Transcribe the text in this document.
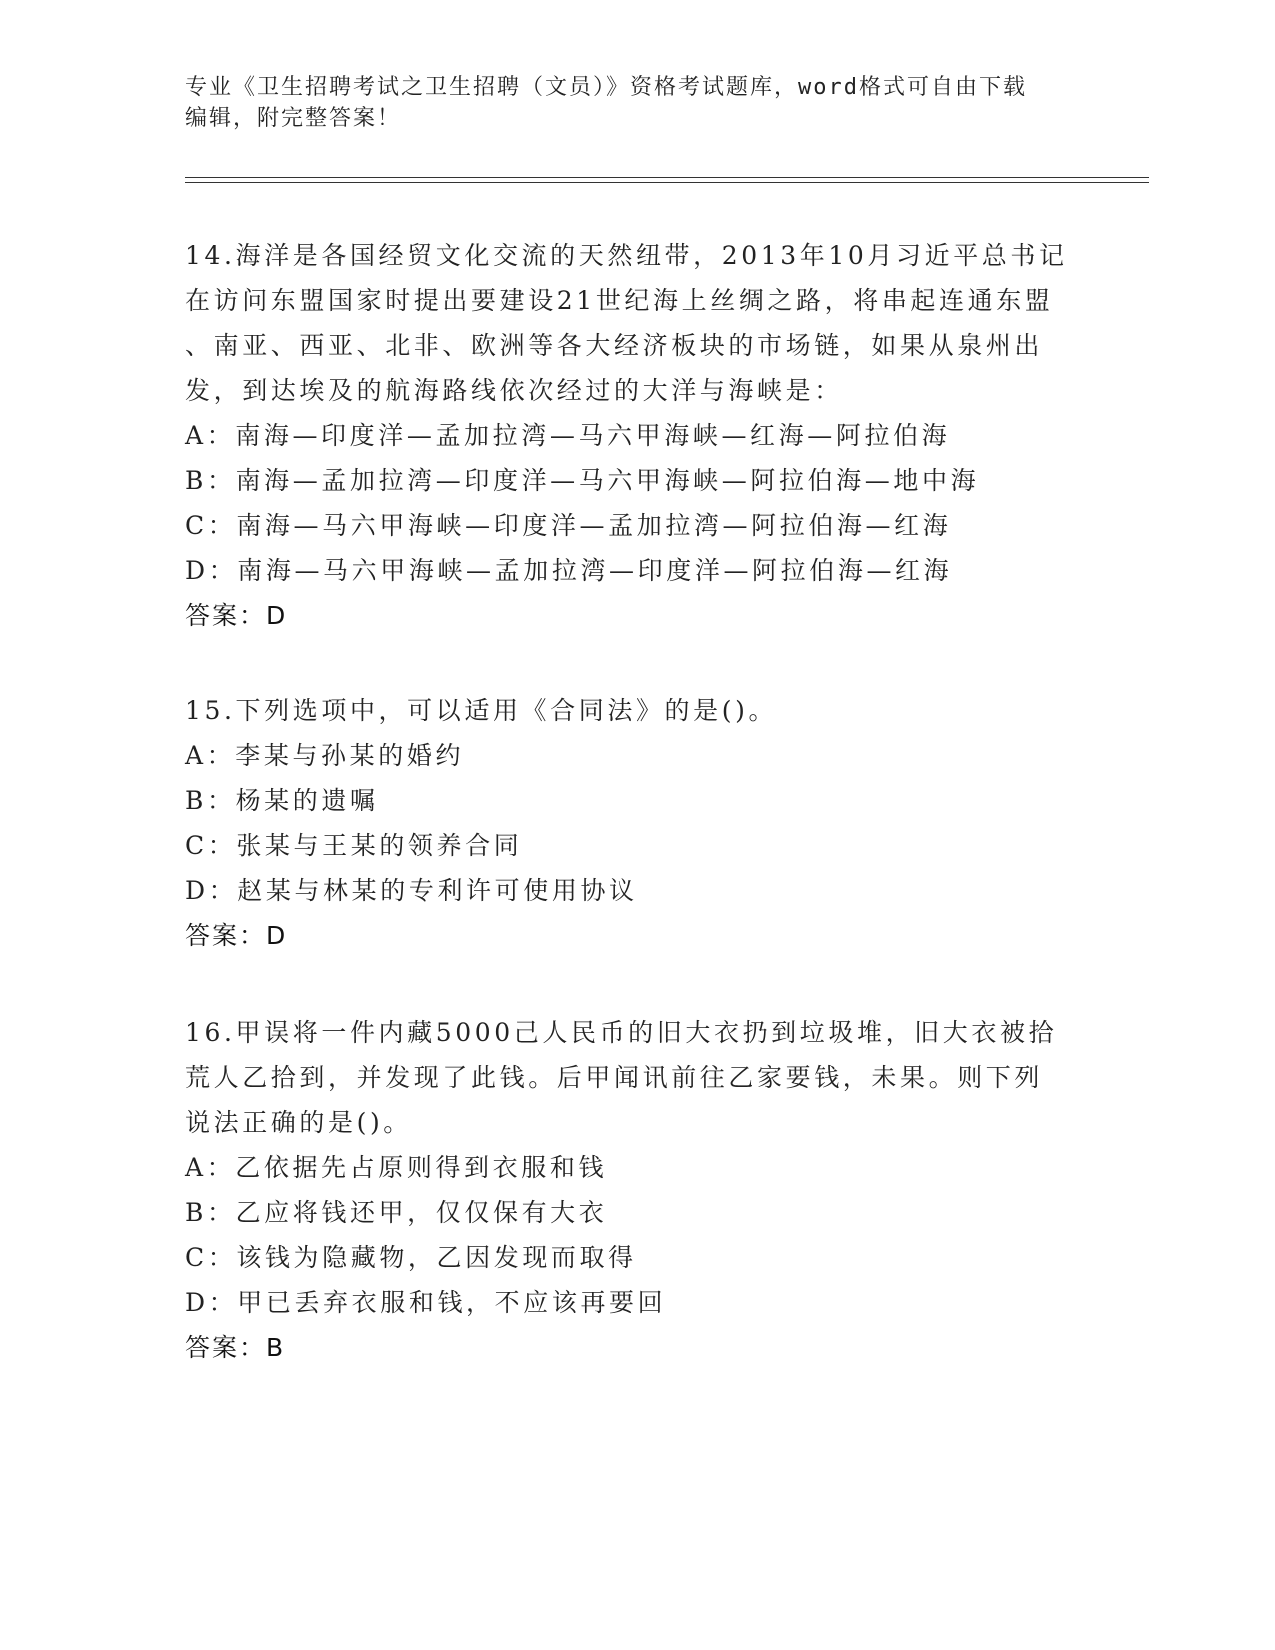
专业《卫生招聘考试之卫生招聘（文员）》资格考试题库，word格式可自由下载
编辑，附完整答案！
14.海洋是各国经贸文化交流的天然纽带，2013年10月习近平总书记
在访问东盟国家时提出要建设21世纪海上丝绸之路，将串起连通东盟
、南亚、西亚、北非、欧洲等各大经济板块的市场链，如果从泉州出
发，到达埃及的航海路线依次经过的大洋与海峡是：
A：南海—印度洋—孟加拉湾—马六甲海峡—红海—阿拉伯海
B：南海—孟加拉湾—印度洋—马六甲海峡—阿拉伯海—地中海
C：南海—马六甲海峡—印度洋—孟加拉湾—阿拉伯海—红海
D：南海—马六甲海峡—孟加拉湾—印度洋—阿拉伯海—红海
答案：D
15.下列选项中，可以适用《合同法》的是()。
A：李某与孙某的婚约
B：杨某的遗嘱
C：张某与王某的领养合同
D：赵某与林某的专利许可使用协议
答案：D
16.甲误将一件内藏5000己人民币的旧大衣扔到垃圾堆，旧大衣被拾
荒人乙拾到，并发现了此钱。后甲闻讯前往乙家要钱，未果。则下列
说法正确的是()。
A：乙依据先占原则得到衣服和钱
B：乙应将钱还甲，仅仅保有大衣
C：该钱为隐藏物，乙因发现而取得
D：甲已丢弃衣服和钱，不应该再要回
答案：B
